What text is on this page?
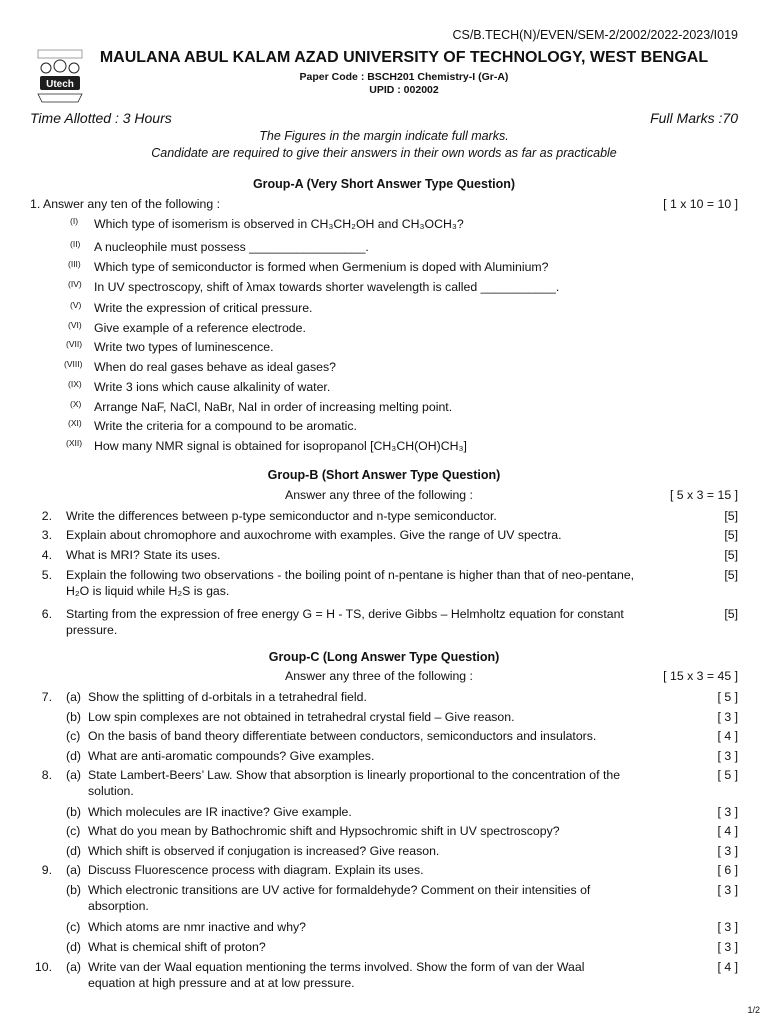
CS/B.TECH(N)/EVEN/SEM-2/2002/2022-2023/I019
Utech
MAULANA ABUL KALAM AZAD UNIVERSITY OF TECHNOLOGY, WEST BENGAL
Paper Code : BSCH201 Chemistry-I (Gr-A)
UPID : 002002
Time Allotted : 3 Hours	Full Marks :70
The Figures in the margin indicate full marks.
Candidate are required to give their answers in their own words as far as practicable
Group-A (Very Short Answer Type Question)
1. Answer any ten of the following :	[ 1 x 10 = 10 ]
(I) Which type of isomerism is observed in CH₃CH₂OH and CH₃OCH₃?
(II) A nucleophile must possess _________________.
(III) Which type of semiconductor is formed when Germenium is doped with Aluminium?
(IV) In UV spectroscopy, shift of λmax towards shorter wavelength is called ___________.
(V) Write the expression of critical pressure.
(VI) Give example of a reference electrode.
(VII) Write two types of luminescence.
(VIII) When do real gases behave as ideal gases?
(IX) Write 3 ions which cause alkalinity of water.
(X) Arrange NaF, NaCl, NaBr, NaI in order of increasing melting point.
(XI) Write the criteria for a compound to be aromatic.
(XII) How many NMR signal is obtained for isopropanol [CH₃CH(OH)CH₃]
Group-B (Short Answer Type Question)
Answer any three of the following :	[ 5 x 3 = 15 ]
2. Write the differences between p-type semiconductor and n-type semiconductor.	[5]
3. Explain about chromophore and auxochrome with examples. Give the range of UV spectra.	[5]
4. What is MRI? State its uses.	[5]
5. Explain the following two observations - the boiling point of n-pentane is higher than that of neo-pentane,
H₂O is liquid while H₂S is gas.
[5]
6. Starting from the expression of free energy G = H - TS, derive Gibbs – Helmholtz equation for constant
pressure.
[5]
Group-C (Long Answer Type Question)
Answer any three of the following :	[ 15 x 3 = 45 ]
7. (a) Show the splitting of d-orbitals in a tetrahedral field.	[ 5 ]
(b) Low spin complexes are not obtained in tetrahedral crystal field – Give reason.	[ 3 ]
(c) On the basis of band theory differentiate between conductors, semiconductors and insulators.	[ 4 ]
(d) What are anti-aromatic compounds? Give examples.	[ 3 ]
8. (a) State Lambert-Beers’ Law. Show that absorption is linearly proportional to the concentration of the
solution.
[ 5 ]
(b) Which molecules are IR inactive? Give example.	[ 3 ]
(c) What do you mean by Bathochromic shift and Hypsochromic shift in UV spectroscopy?	[ 4 ]
(d) Which shift is observed if conjugation is increased? Give reason.	[ 3 ]
9. (a) Discuss Fluorescence process with diagram. Explain its uses.	[ 6 ]
(b) Which electronic transitions are UV active for formaldehyde? Comment on their intensities of
absorption.
[ 3 ]
(c) Which atoms are nmr inactive and why?	[ 3 ]
(d) What is chemical shift of proton?	[ 3 ]
10. (a) Write van der Waal equation mentioning the terms involved. Show the form of van der Waal
equation at high pressure and at at low pressure.
[ 4 ]
1/2
